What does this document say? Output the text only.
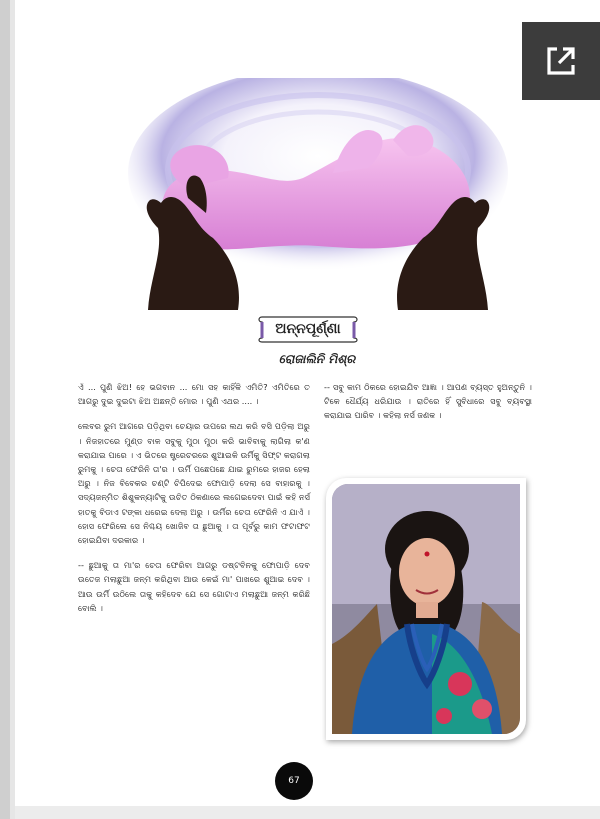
ଅନ୍ନପୂର୍ଣ୍ଣା
ରୋଜାଲିନି ମିଶ୍ର

ଏଁ ... ପୁଣି ଝିଅ! ହେ ଭଗବାନ ... ମୋ ସହ କାହିଁକି ଏମିତି? ଏମିତିରେ ତ ଆଗରୁ ଦୁଇ ଦୁଇଟା ଝିଅ ଅଛନ୍ତି ମୋର । ପୁଣି ଏଥର .... ।

ଲେବର ରୁମ ଆଗରେ ପଡ଼ିଥିବା ଚେୟାର ଉପରେ ଲଥ କରି ବସି ପଡ଼ିଲା ଅରୁ । ନିଜହାତରେ ମୁଣ୍ଡ ବାଳ ସବୁକୁ ମୁଠା ମୁଠା କରି ଭାବିବାକୁ ଲାଗିଲା କ'ଣ କରାଯାଇ ପାରେ । ଏ ଭିତରେ ଷ୍ଟ୍ରେଚରରେ ଶୁଆଇକି ଉର୍ମିକୁ ସିଫ୍ଟ କରାଗଲା ରୁମକୁ । ଚେତା ଫେରିନି ତା'ର । ଉର୍ମି ପଛେପଛେ ଯାଇ ରୁମରେ ହାଜର ହେଲା ଅରୁ । ନିଜ ବିବେକର ଚଣ୍ଟି ଚିପିଦେଇ ଫୋପାଡ଼ି ଦେଲା ସେ ବାହାରକୁ । ସଦ୍ୟଜନ୍ମିତ ଶିଶୁକନ୍ୟାଟିକୁ ଉଚିତ ଠିକଣାରେ ଲଗେଇଦେବା ପାଇଁ କହି ନର୍ସ ହାତକୁ ବିଡାଏ ଟଙ୍କା ଧରେଇ ଦେଲା ଅରୁ । ଉର୍ମିର ଚେତା ଫେରିନି ଏ ଯାଏଁ । ହୋସ ଫେରିଲେ ସେ ନିଶ୍ଚୟ ଖୋଜିବ ତା ଛୁଆକୁ । ତା ପୂର୍ବରୁ କାମ ଫଟାଫଟ ହୋଇଯିବା ଦରକାର ।

-- ଛୁଆକୁ ତା ମା'ର ଚେତା ଫେରିବା ଆଗରୁ ଡଷ୍ଟବିନକୁ ଫୋପାଡ଼ି ଦେବ ଉତେଜ ମଲାଛୁଆ ଜନ୍ମ କରିଥିବା ଆଉ କେଇଁ ମା' ପାଖରେ ଶୁଆଇ ଦେବ । ଆଉ ଉର୍ମି ଉଠିଲେ ତାକୁ କହିଦେବ ଯେ ସେ ଗୋଟାଏ ମଲାଛୁଆ ଜନ୍ମ କରିଛି ବୋଲି ।

-- ସବୁ କାମ ଠିକରେ ହୋଇଯିବ ଆଜ୍ଞା । ଆପଣ ବ୍ୟସ୍ତ ହୁଅନ୍ତୁନି । ଟିକେ ଧୈର୍ଯ୍ୟ ଧରିଯାଉ । ରାତିରେ ହିଁ ସୁବିଧାରେ ସବୁ ବ୍ୟବସ୍ଥା କରାଯାଇ ପାରିବ । କହିଲା ନର୍ସ ଜଣକ ।

67
